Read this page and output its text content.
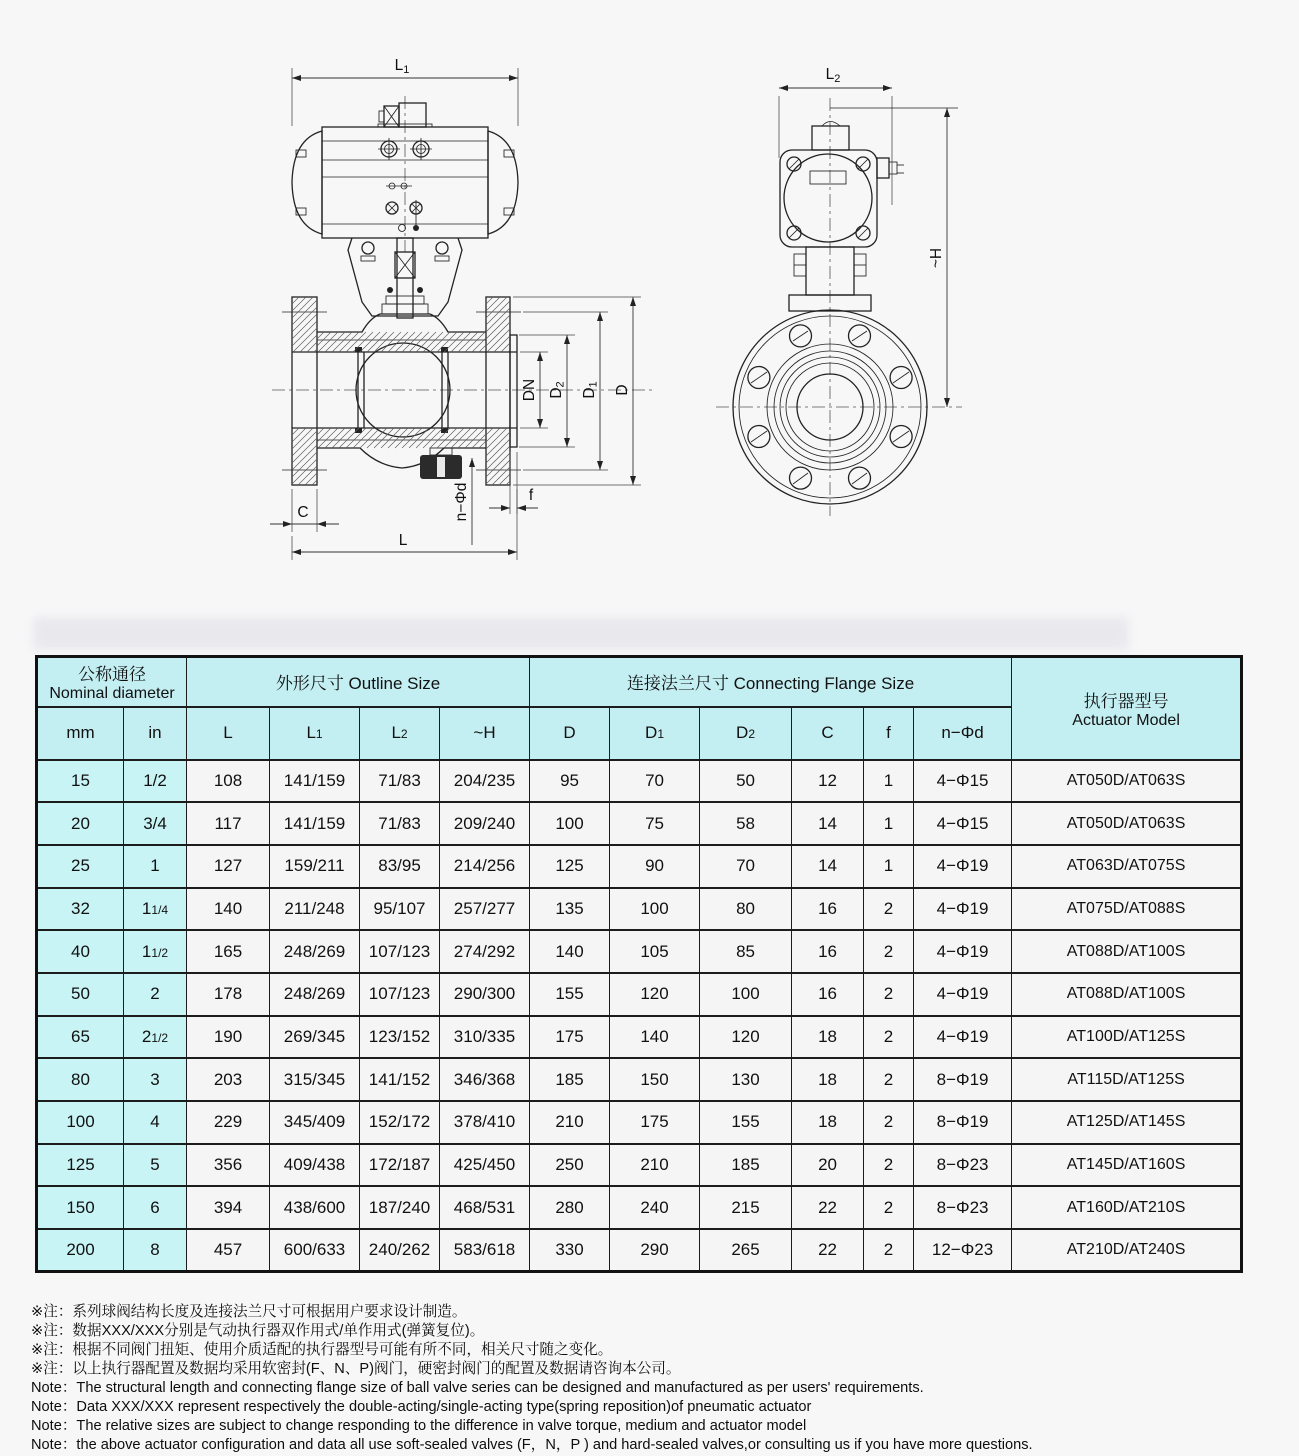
L1
DN D2
D1 D
C
L
f
n−Φd
L2
~H
公称通径
Nominal diameter
	外形尺寸 Outline Size	连接法兰尺寸 Connecting Flange Size	
执行器型号
Actuator Model

mm	in	L	L1	L2	~H	D	D1	D2	C	f	n−Φd	
15	1/2	108	141/159	71/83	204/235	95	70	50	12	1	4−Φ15	AT050D/AT063S
20	3/4	117	141/159	71/83	209/240	100	75	58	14	1	4−Φ15	AT050D/AT063S
25	1	127	159/211	83/95	214/256	125	90	70	14	1	4−Φ19	AT063D/AT075S
32	11/4	140	211/248	95/107	257/277	135	100	80	16	2	4−Φ19	AT075D/AT088S
40	11/2	165	248/269	107/123	274/292	140	105	85	16	2	4−Φ19	AT088D/AT100S
50	2	178	248/269	107/123	290/300	155	120	100	16	2	4−Φ19	AT088D/AT100S
65	21/2	190	269/345	123/152	310/335	175	140	120	18	2	4−Φ19	AT100D/AT125S
80	3	203	315/345	141/152	346/368	185	150	130	18	2	8−Φ19	AT115D/AT125S
100	4	229	345/409	152/172	378/410	210	175	155	18	2	8−Φ19	AT125D/AT145S
125	5	356	409/438	172/187	425/450	250	210	185	20	2	8−Φ23	AT145D/AT160S
150	6	394	438/600	187/240	468/531	280	240	215	22	2	8−Φ23	AT160D/AT210S
200	8	457	600/633	240/262	583/618	330	290	265	22	2	12−Φ23	AT210D/AT240S
※注：系列球阀结构长度及连接法兰尺寸可根据用户要求设计制造。
※注：数据XXX/XXX分别是气动执行器双作用式/单作用式(弹簧复位)。
※注：根据不同阀门扭矩、使用介质适配的执行器型号可能有所不同，相关尺寸随之变化。
※注：以上执行器配置及数据均采用软密封(F、N、P)阀门，硬密封阀门的配置及数据请咨询本公司。
Note：The structural length and connecting flange size of ball valve series can be designed and manufactured as per users' requirements.
Note：Data XXX/XXX represent respectively the double-acting/single-acting type(spring reposition)of pneumatic actuator
Note：The relative sizes are subject to change responding to the difference in valve torque, medium and actuator model
Note：the above actuator configuration and data all use soft-sealed valves (F，N，P ) and hard-sealed valves,or consulting us if you have more questions.
